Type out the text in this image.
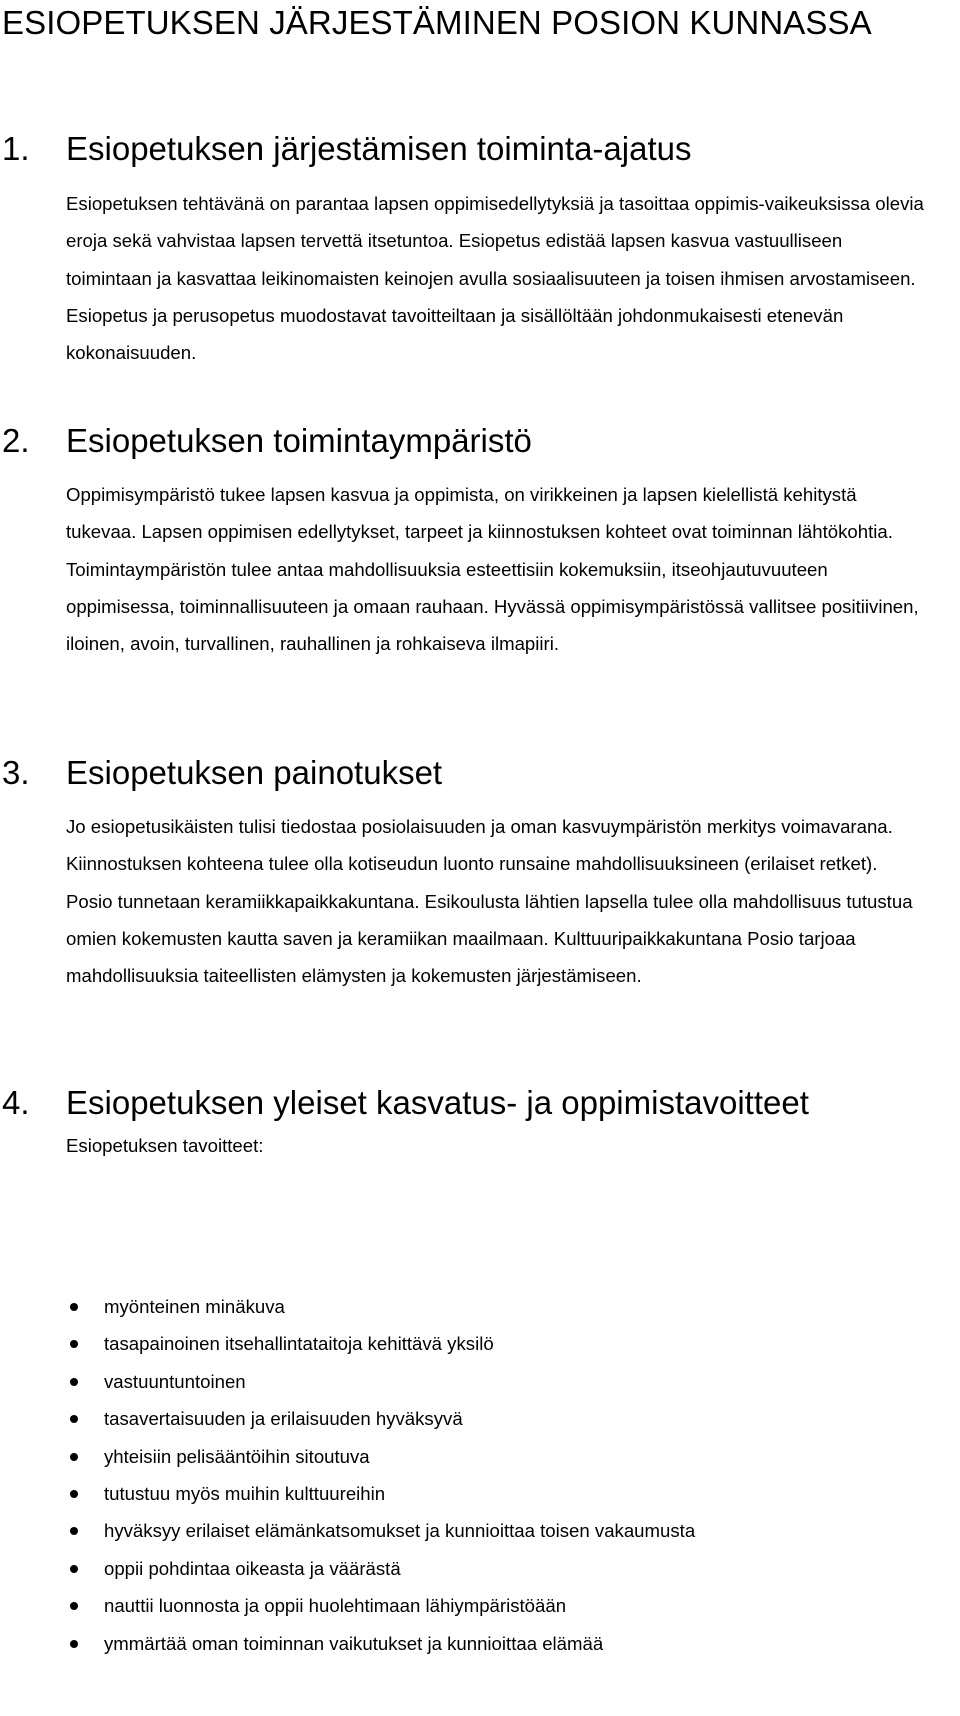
ESIOPETUKSEN JÄRJESTÄMINEN POSION KUNNASSA
1. Esiopetuksen järjestämisen toiminta-ajatus

Esiopetuksen tehtävänä on parantaa lapsen oppimisedellytyksiä ja tasoittaa oppimis-vaikeuksissa olevia eroja sekä vahvistaa lapsen tervettä itsetuntoa. Esiopetus edistää lapsen kasvua vastuulliseen toimintaan ja kasvattaa leikinomaisten keinojen avulla sosiaalisuuteen ja toisen ihmisen arvostamiseen. Esiopetus ja perusopetus muodostavat tavoitteiltaan ja sisällöltään johdonmukaisesti etenevän kokonaisuuden.

2. Esiopetuksen toimintaympäristö

Oppimisympäristö tukee lapsen kasvua ja oppimista, on virikkeinen ja lapsen kielellistä kehitystä tukevaa. Lapsen oppimisen edellytykset, tarpeet ja kiinnostuksen kohteet ovat toiminnan lähtökohtia. Toimintaympäristön tulee antaa mahdollisuuksia esteettisiin kokemuksiin, itseohjautuvuuteen oppimisessa, toiminnallisuuteen ja omaan rauhaan. Hyvässä oppimisympäristössä vallitsee positiivinen, iloinen, avoin, turvallinen, rauhallinen ja rohkaiseva ilmapiiri.

3. Esiopetuksen painotukset

Jo esiopetusikäisten tulisi tiedostaa posiolaisuuden ja oman kasvuympäristön merkitys voimavarana. Kiinnostuksen kohteena tulee olla kotiseudun luonto runsaine mahdollisuuksineen (erilaiset retket). Posio tunnetaan keramiikkapaikkakuntana. Esikoulusta lähtien lapsella tulee olla mahdollisuus tutustua omien kokemusten kautta saven ja keramiikan maailmaan. Kulttuuripaikkakuntana Posio tarjoaa mahdollisuuksia taiteellisten elämysten ja kokemusten järjestämiseen.

4. Esiopetuksen yleiset kasvatus- ja oppimistavoitteet

Esiopetuksen tavoitteet:

myönteinen minäkuva
tasapainoinen itsehallintataitoja kehittävä yksilö
vastuuntuntoinen
tasavertaisuuden ja erilaisuuden hyväksyvä
yhteisiin pelisääntöihin sitoutuva
tutustuu myös muihin kulttuureihin
hyväksyy erilaiset elämänkatsomukset ja kunnioittaa toisen vakaumusta
oppii pohdintaa oikeasta ja väärästä
nauttii luonnosta ja oppii huolehtimaan lähiympäristöään
ymmärtää oman toiminnan vaikutukset ja kunnioittaa elämää
